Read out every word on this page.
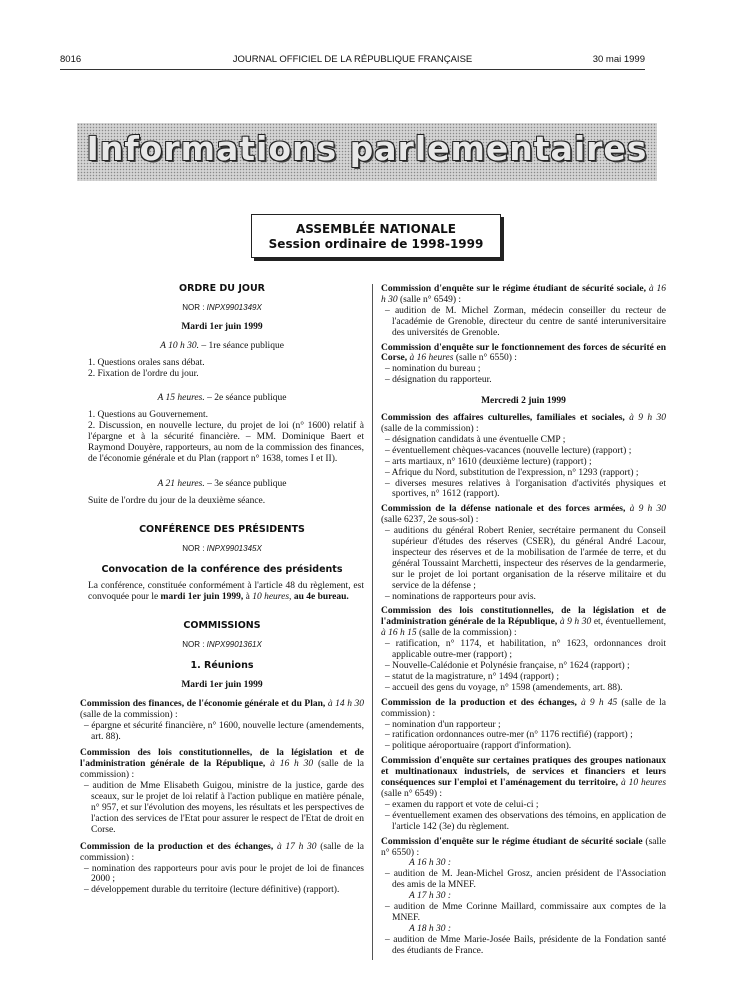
8016	JOURNAL OFFICIEL DE LA RÉPUBLIQUE FRANÇAISE	30 mai 1999
Informations parlementaires
ASSEMBLÉE NATIONALE
Session ordinaire de 1998-1999
ORDRE DU JOUR
NOR : INPX9901349X
Mardi 1er juin 1999
A 10 h 30. – 1re séance publique

1. Questions orales sans débat.

2. Fixation de l'ordre du jour.

A 15 heures. – 2e séance publique

1. Questions au Gouvernement.

2. Discussion, en nouvelle lecture, du projet de loi (n° 1600) relatif à l'épargne et à la sécurité financière. – MM. Dominique Baert et Raymond Douyère, rapporteurs, au nom de la commission des finances, de l'économie générale et du Plan (rapport n° 1638, tomes I et II).

A 21 heures. – 3e séance publique

Suite de l'ordre du jour de la deuxième séance.

CONFÉRENCE DES PRÉSIDENTS
NOR : INPX9901345X
Convocation de la conférence des présidents

La conférence, constituée conformément à l'article 48 du règlement, est convoquée pour le mardi 1er juin 1999, à 10 heures, au 4e bureau.

COMMISSIONS
NOR : INPX9901361X
1. Réunions
Mardi 1er juin 1999

Commission des finances, de l'économie générale et du Plan, à 14 h 30 (salle de la commission) :

– épargne et sécurité financière, n° 1600, nouvelle lecture (amendements, art. 88).

Commission des lois constitutionnelles, de la législation et de l'administration générale de la République, à 16 h 30 (salle de la commission) :

– audition de Mme Elisabeth Guigou, ministre de la justice, garde des sceaux, sur le projet de loi relatif à l'action publique en matière pénale, n° 957, et sur l'évolution des moyens, les résultats et les perspectives de l'action des services de l'Etat pour assurer le respect de l'Etat de droit en Corse.

Commission de la production et des échanges, à 17 h 30 (salle de la commission) :

– nomination des rapporteurs pour avis pour le projet de loi de finances 2000 ;

– développement durable du territoire (lecture définitive) (rapport).

Commission d'enquête sur le régime étudiant de sécurité sociale, à 16 h 30 (salle n° 6549) :

– audition de M. Michel Zorman, médecin conseiller du recteur de l'académie de Grenoble, directeur du centre de santé interuniversitaire des universités de Grenoble.

Commission d'enquête sur le fonctionnement des forces de sécurité en Corse, à 16 heures (salle n° 6550) :

– nomination du bureau ;

– désignation du rapporteur.

Mercredi 2 juin 1999

Commission des affaires culturelles, familiales et sociales, à 9 h 30 (salle de la commission) :

– désignation candidats à une éventuelle CMP ;

– éventuellement chèques-vacances (nouvelle lecture) (rapport) ;

– arts martiaux, n° 1610 (deuxième lecture) (rapport) ;

– Afrique du Nord, substitution de l'expression, n° 1293 (rapport) ;

– diverses mesures relatives à l'organisation d'activités physiques et sportives, n° 1612 (rapport).

Commission de la défense nationale et des forces armées, à 9 h 30 (salle 6237, 2e sous-sol) :

– auditions du général Robert Renier, secrétaire permanent du Conseil supérieur d'études des réserves (CSER), du général André Lacour, inspecteur des réserves et de la mobilisation de l'armée de terre, et du général Toussaint Marchetti, inspecteur des réserves de la gendarmerie, sur le projet de loi portant organisation de la réserve militaire et du service de la défense ;

– nominations de rapporteurs pour avis.

Commission des lois constitutionnelles, de la législation et de l'administration générale de la République, à 9 h 30 et, éventuellement, à 16 h 15 (salle de la commission) :

– ratification, n° 1174, et habilitation, n° 1623, ordonnances droit applicable outre-mer (rapport) ;

– Nouvelle-Calédonie et Polynésie française, n° 1624 (rapport) ;

– statut de la magistrature, n° 1494 (rapport) ;

– accueil des gens du voyage, n° 1598 (amendements, art. 88).

Commission de la production et des échanges, à 9 h 45 (salle de la commission) :

– nomination d'un rapporteur ;

– ratification ordonnances outre-mer (n° 1176 rectifié) (rapport) ;

– politique aéroportuaire (rapport d'information).

Commission d'enquête sur certaines pratiques des groupes nationaux et multinationaux industriels, de services et financiers et leurs conséquences sur l'emploi et l'aménagement du territoire, à 10 heures (salle n° 6549) :

– examen du rapport et vote de celui-ci ;

– éventuellement examen des observations des témoins, en application de l'article 142 (3e) du règlement.

Commission d'enquête sur le régime étudiant de sécurité sociale (salle n° 6550) :

A 16 h 30 :

– audition de M. Jean-Michel Grosz, ancien président de l'Association des amis de la MNEF.

A 17 h 30 :

– audition de Mme Corinne Maillard, commissaire aux comptes de la MNEF.

A 18 h 30 :

– audition de Mme Marie-Josée Bails, présidente de la Fondation santé des étudiants de France.
